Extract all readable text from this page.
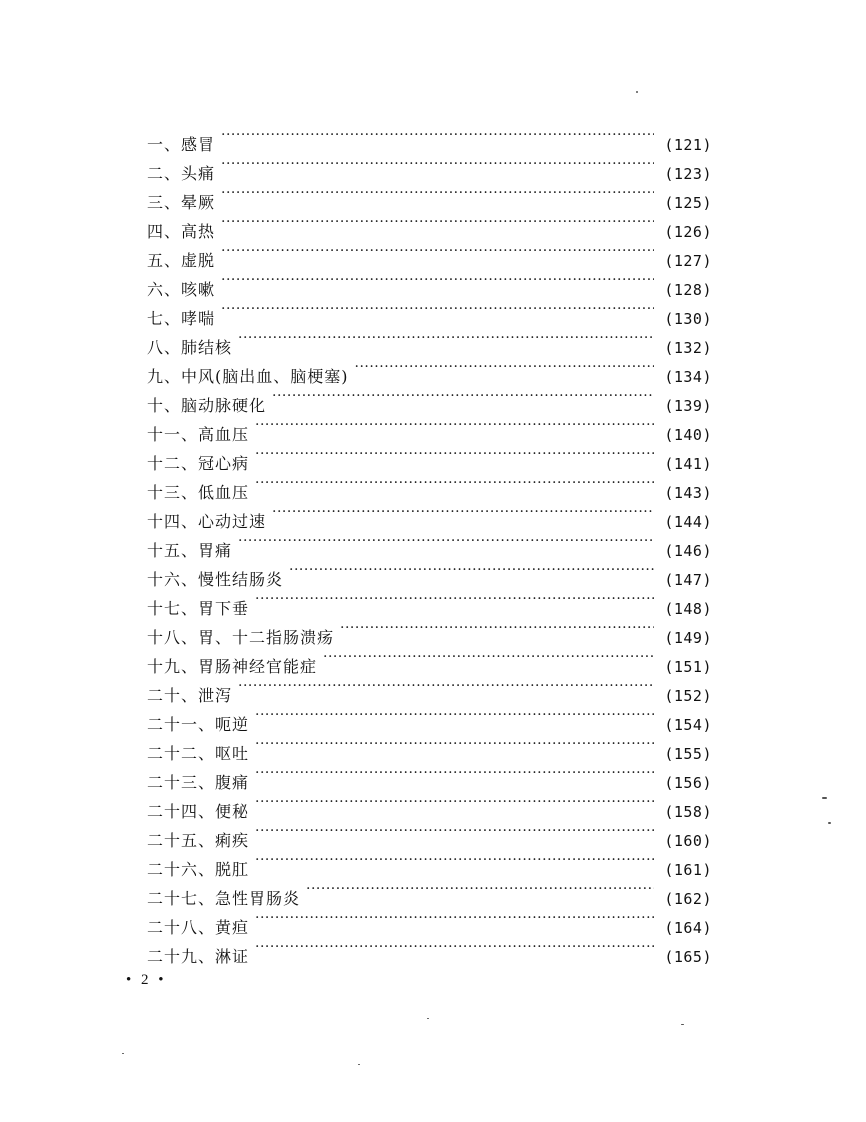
一、感冒 ·····	(121)
二、头痛 ·····	(123)
三、晕厥 ·····	(125)
四、高热 ·····	(126)
五、虚脱 ·····	(127)
六、咳嗽 ·····	(128)
七、哮喘 ·····	(130)
八、肺结核 ·····	(132)
九、中风(脑出血、脑梗塞) ·····	(134)
十、脑动脉硬化 ·····	(139)
十一、高血压 ·····	(140)
十二、冠心病 ·····	(141)
十三、低血压 ·····	(143)
十四、心动过速 ·····	(144)
十五、胃痛 ·····	(146)
十六、慢性结肠炎 ·····	(147)
十七、胃下垂 ·····	(148)
十八、胃、十二指肠溃疡 ·····	(149)
十九、胃肠神经官能症 ·····	(151)
二十、泄泻 ·····	(152)
二十一、呃逆 ·····	(154)
二十二、呕吐 ·····	(155)
二十三、腹痛 ·····	(156)
二十四、便秘 ·····	(158)
二十五、痢疾 ·····	(160)
二十六、脱肛 ·····	(161)
二十七、急性胃肠炎 ·····	(162)
二十八、黄疸 ·····	(164)
二十九、淋证 ·····	(165)
• 2 •
